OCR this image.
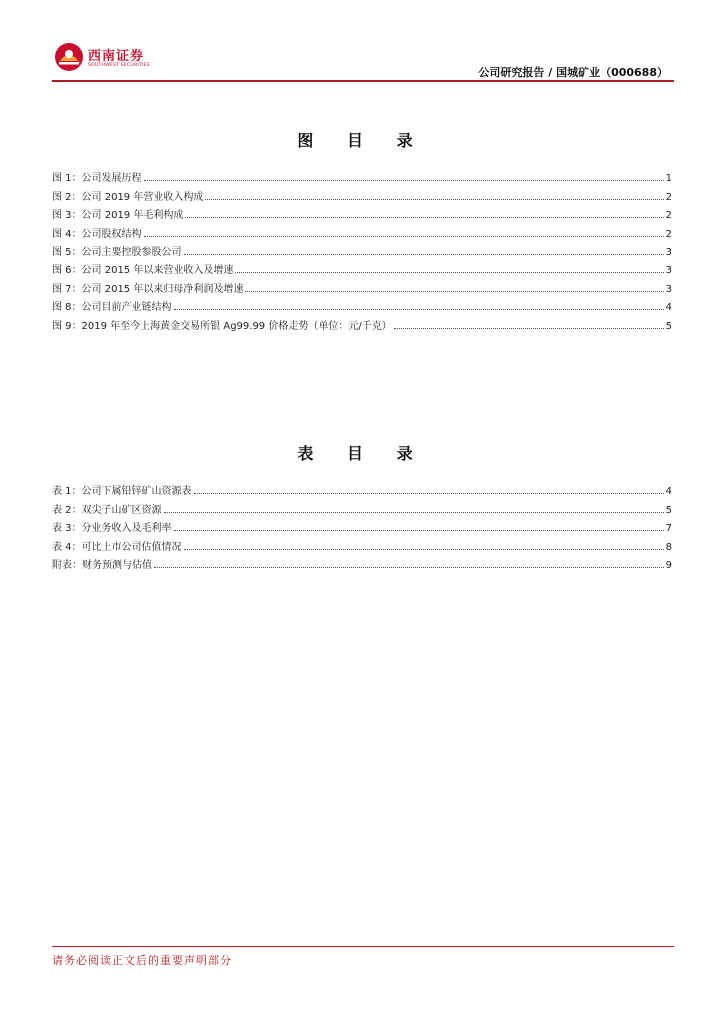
西南证券
SOUTHWEST SECURITIES
公司研究报告 / 国城矿业（000688）
图 目 录
图 1：公司发展历程	1
图 2：公司 2019 年营业收入构成	2
图 3：公司 2019 年毛利构成	2
图 4：公司股权结构	2
图 5：公司主要控股参股公司	3
图 6：公司 2015 年以来营业收入及增速	3
图 7：公司 2015 年以来归母净利润及增速	3
图 8：公司目前产业链结构	4
图 9：2019 年至今上海黄金交易所银 Ag99.99 价格走势（单位：元/千克）	5
表 目 录
表 1：公司下属铅锌矿山资源表	4
表 2：双尖子山矿区资源	5
表 3：分业务收入及毛利率	7
表 4：可比上市公司估值情况	8
附表：财务预测与估值	9
请务必阅读正文后的重要声明部分
